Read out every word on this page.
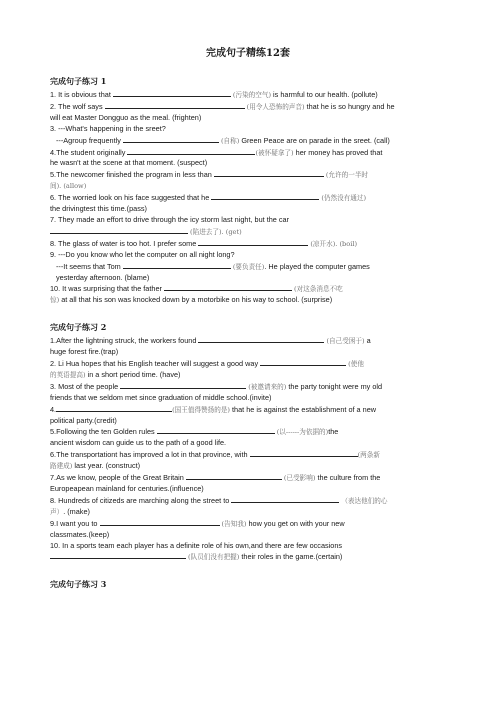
完成句子精练12套
完成句子练习 1

1. It is obvious that	(污染的空气) is harmful to our health. (pollute)

2. The wolf says	(用令人恐怖的声音) that he is so hungry and he
will eat Master Dongguo as the meal. (frighten)

3. ---What's happening in the sreet?

---Agroup frequently	(自称) Green Peace are on parade in the sreet. (call)

4.The student originally	(被怀疑拿了) her money has proved that
he wasn't at the scene at that moment. (suspect)

5.The newcomer finished the program in less than	(允许的一半时
间). (allow)

6. The worried look on his face suggested that he	(仍然没有通过)
the drivingtest this time.(pass)

7. They made an effort to drive through the icy storm last night, but the car
(陷进去了). (get)

8. The glass of water is too hot. I prefer some	(凉开水). (boil)

9. ---Do you know who let the computer on all night long?

---It seems that Tom	(要负责任). He played the computer games

yesterday afternoon. (blame)

10. It was surprising that the father	(对这条消息不吃
惊) at all that his son was knocked down by a motorbike on his way to school. (surprise)

完成句子练习 2

1.After the lightning struck, the workers found	(自己受困于) a
huge forest fire.(trap)

2. Li Hua hopes that his English teacher will suggest a good way	(使他
的英语提高) in a short period time. (have)

3. Most of the people	(被邀请来的) the party tonight were my old
friends that we seldom met since graduation of middle school.(invite)

4.	(国王值得赞扬的是) that he is against the establishment of a new
political party.(credit)

5.Following the ten Golden rules	(以------为依据的)the
ancient wisdom can guide us to the path of a good life.

6.The transportationt has improved a lot in that province, with	(两条新
路建成) last year. (construct)

7.As we know, people of the Great Britain	(已受影响) the culture from the
Europeapean mainland for centuries.(influence)

8. Hundreds of citizeds are marching along the street to	（表达他们的心
声）. (make)

9.I want you to	(告知我) how you get on with your new
classmates.(keep)

10. In a sports team each player has a definite role of his own,and there are few occasions
(队员们没有把握) their roles in the game.(certain)

完成句子练习 3
